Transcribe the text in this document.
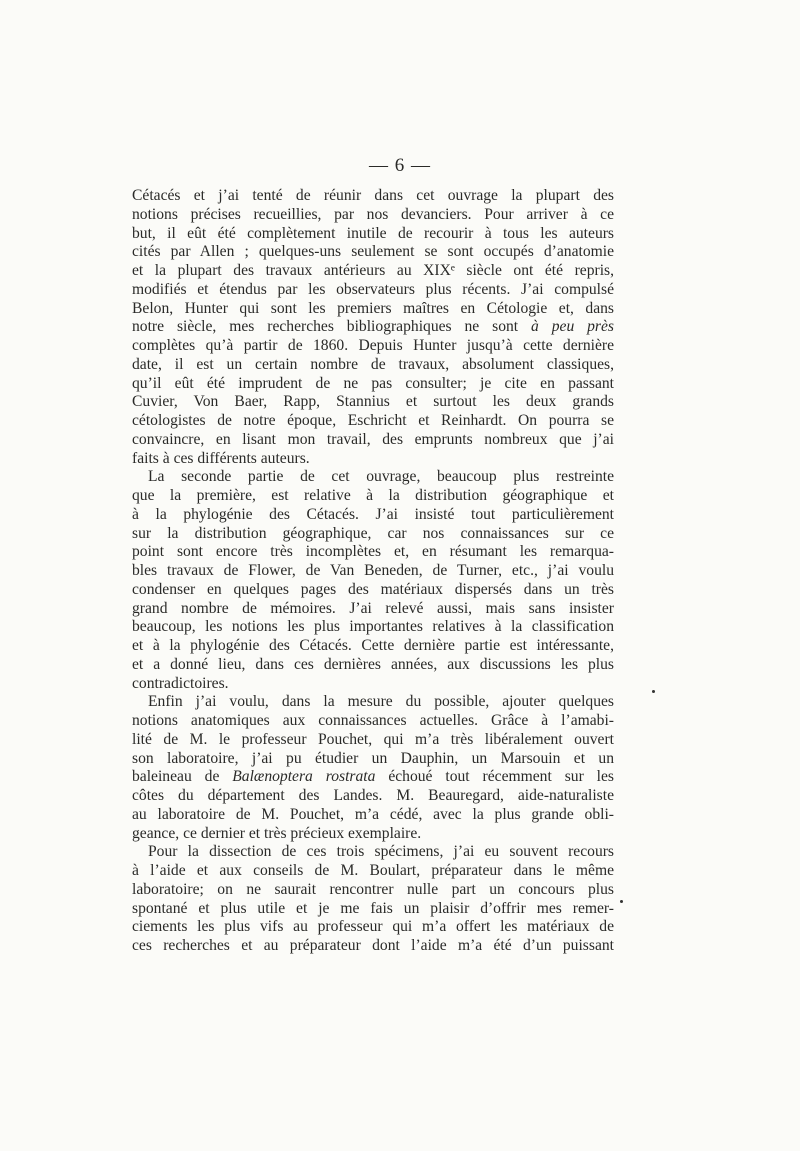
— 6 —
Cétacés et j’ai tenté de réunir dans cet ouvrage la plupart des
notions précises recueillies, par nos devanciers. Pour arriver à ce
but, il eût été complètement inutile de recourir à tous les auteurs
cités par Allen ; quelques-uns seulement se sont occupés d’anatomie
et la plupart des travaux antérieurs au XIXᵉ siècle ont été repris,
modifiés et étendus par les observateurs plus récents. J’ai compulsé
Belon, Hunter qui sont les premiers maîtres en Cétologie et, dans
notre siècle, mes recherches bibliographiques ne sont à peu près
complètes qu’à partir de 1860. Depuis Hunter jusqu’à cette dernière
date, il est un certain nombre de travaux, absolument classiques,
qu’il eût été imprudent de ne pas consulter; je cite en passant
Cuvier, Von Baer, Rapp, Stannius et surtout les deux grands
cétologistes de notre époque, Eschricht et Reinhardt. On pourra se
convaincre, en lisant mon travail, des emprunts nombreux que j’ai
faits à ces différents auteurs.
La seconde partie de cet ouvrage, beaucoup plus restreinte
que la première, est relative à la distribution géographique et
à la phylogénie des Cétacés. J’ai insisté tout particulièrement
sur la distribution géographique, car nos connaissances sur ce
point sont encore très incomplètes et, en résumant les remarqua-
bles travaux de Flower, de Van Beneden, de Turner, etc., j’ai voulu
condenser en quelques pages des matériaux dispersés dans un très
grand nombre de mémoires. J’ai relevé aussi, mais sans insister
beaucoup, les notions les plus importantes relatives à la classification
et à la phylogénie des Cétacés. Cette dernière partie est intéressante,
et a donné lieu, dans ces dernières années, aux discussions les plus
contradictoires.
Enfin j’ai voulu, dans la mesure du possible, ajouter quelques
notions anatomiques aux connaissances actuelles. Grâce à l’amabi-
lité de M. le professeur Pouchet, qui m’a très libéralement ouvert
son laboratoire, j’ai pu étudier un Dauphin, un Marsouin et un
baleineau de Balænoptera rostrata échoué tout récemment sur les
côtes du département des Landes. M. Beauregard, aide-naturaliste
au laboratoire de M. Pouchet, m’a cédé, avec la plus grande obli-
geance, ce dernier et très précieux exemplaire.
Pour la dissection de ces trois spécimens, j’ai eu souvent recours
à l’aide et aux conseils de M. Boulart, préparateur dans le même
laboratoire; on ne saurait rencontrer nulle part un concours plus
spontané et plus utile et je me fais un plaisir d’offrir mes remer-
ciements les plus vifs au professeur qui m’a offert les matériaux de
ces recherches et au préparateur dont l’aide m’a été d’un puissant
